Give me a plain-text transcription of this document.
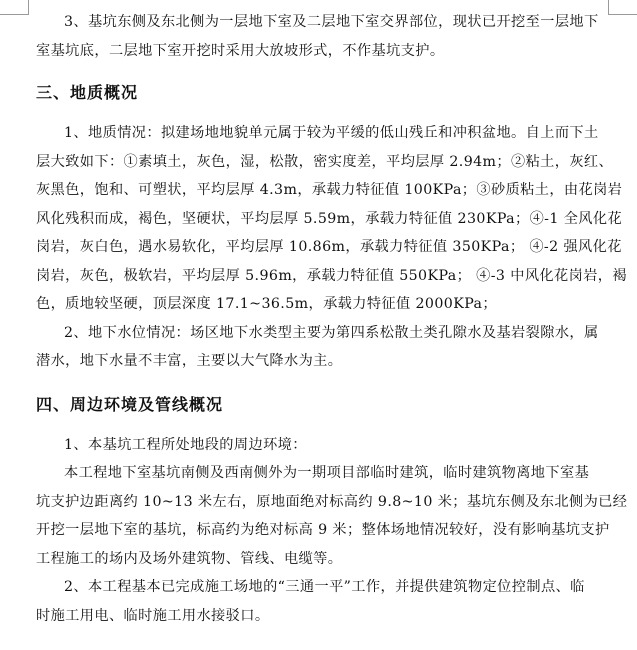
3、基坑东侧及东北侧为一层地下室及二层地下室交界部位，现状已开挖至一层地下
室基坑底，二层地下室开挖时采用大放坡形式，不作基坑支护。
三、地质概况
1、地质情况：拟建场地地貌单元属于较为平缓的低山残丘和冲积盆地。自上而下土
层大致如下：①素填土，灰色，湿，松散，密实度差，平均层厚 2.94m；②粘土，灰红、
灰黑色，饱和、可塑状，平均层厚 4.3m，承载力特征值 100KPa；③砂质粘土，由花岗岩
风化残积而成，褐色，坚硬状，平均层厚 5.59m，承载力特征值 230KPa；④-1 全风化花
岗岩，灰白色，遇水易软化，平均层厚 10.86m，承载力特征值 350KPa； ④-2 强风化花
岗岩，灰色，极软岩，平均层厚 5.96m，承载力特征值 550KPa； ④-3 中风化花岗岩，褐
色，质地较坚硬，顶层深度 17.1~36.5m，承载力特征值 2000KPa；
2、地下水位情况：场区地下水类型主要为第四系松散土类孔隙水及基岩裂隙水，属
潜水，地下水量不丰富，主要以大气降水为主。
四、周边环境及管线概况
1、本基坑工程所处地段的周边环境：
本工程地下室基坑南侧及西南侧外为一期项目部临时建筑，临时建筑物离地下室基
坑支护边距离约 10~13 米左右，原地面绝对标高约 9.8~10 米；基坑东侧及东北侧为已经
开挖一层地下室的基坑，标高约为绝对标高 9 米；整体场地情况较好，没有影响基坑支护
工程施工的场内及场外建筑物、管线、电缆等。
2、本工程基本已完成施工场地的“三通一平”工作，并提供建筑物定位控制点、临
时施工用电、临时施工用水接驳口。
